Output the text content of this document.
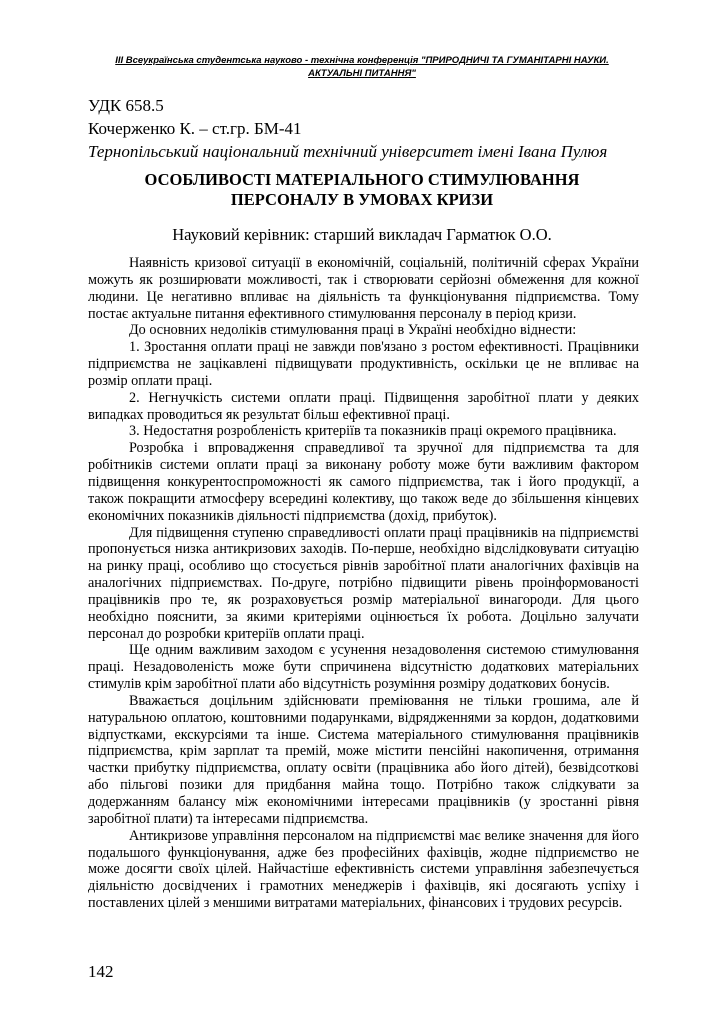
ІІІ Всеукраїнська студентська науково - технічна конференція "ПРИРОДНИЧІ ТА ГУМАНІТАРНІ НАУКИ.
АКТУАЛЬНІ ПИТАННЯ"
УДК 658.5
Кочерженко К. – ст.гр. БМ-41
Тернопільський національний технічний університет імені Івана Пулюя
ОСОБЛИВОСТІ МАТЕРІАЛЬНОГО СТИМУЛЮВАННЯ
ПЕРСОНАЛУ В УМОВАХ КРИЗИ
Науковий керівник: старший викладач Гарматюк О.О.

Наявність кризової ситуації в економічній, соціальній, політичній сферах України можуть як розширювати можливості, так і створювати серйозні обмеження для кожної людини. Це негативно впливає на діяльність та функціонування підприємства. Тому постає актуальне питання ефективного стимулювання персоналу в період кризи.

До основних недоліків стимулювання праці в Україні необхідно віднести:

1. Зростання оплати праці не завжди пов'язано з ростом ефективності. Працівники підприємства не зацікавлені підвищувати продуктивність, оскільки це не впливає на розмір оплати праці.

2. Негнучкість системи оплати праці. Підвищення заробітної плати у деяких випадках проводиться як результат більш ефективної праці.

3. Недостатня розробленість критеріїв та показників праці окремого працівника.

Розробка і впровадження справедливої та зручної для підприємства та для робітників системи оплати праці за виконану роботу може бути важливим фактором підвищення конкурентоспроможності як самого підприємства, так і його продукції, а також покращити атмосферу всередині колективу, що також веде до збільшення кінцевих економічних показників діяльності підприємства (дохід, прибуток).

Для підвищення ступеню справедливості оплати праці працівників на підприємстві пропонується низка антикризових заходів. По-перше, необхідно відслідковувати ситуацію на ринку праці, особливо що стосується рівнів заробітної плати аналогічних фахівців на аналогічних підприємствах. По-друге, потрібно підвищити рівень проінформованості працівників про те, як розраховується розмір матеріальної винагороди. Для цього необхідно пояснити, за якими критеріями оцінюється їх робота. Доцільно залучати персонал до розробки критеріїв оплати праці.

Ще одним важливим заходом є усунення незадоволення системою стимулювання праці. Незадоволеність може бути спричинена відсутністю додаткових матеріальних стимулів крім заробітної плати або відсутність розуміння розміру додаткових бонусів.

Вважається доцільним здійснювати преміювання не тільки грошима, але й натуральною оплатою, коштовними подарунками, відрядженнями за кордон, додатковими відпустками, екскурсіями та інше. Система матеріального стимулювання працівників підприємства, крім зарплат та премій, може містити пенсійні накопичення, отримання частки прибутку підприємства, оплату освіти (працівника або його дітей), безвідсоткові або пільгові позики для придбання майна тощо. Потрібно також слідкувати за додержанням балансу між економічними інтересами працівників (у зростанні рівня заробітної плати) та інтересами підприємства.

Антикризове управління персоналом на підприємстві має велике значення для його подальшого функціонування, адже без професійних фахівців, жодне підприємство не може досягти своїх цілей. Найчастіше ефективність системи управління забезпечується діяльністю досвідчених і грамотних менеджерів і фахівців, які досягають успіху і поставлених цілей з меншими витратами матеріальних, фінансових і трудових ресурсів.

142
